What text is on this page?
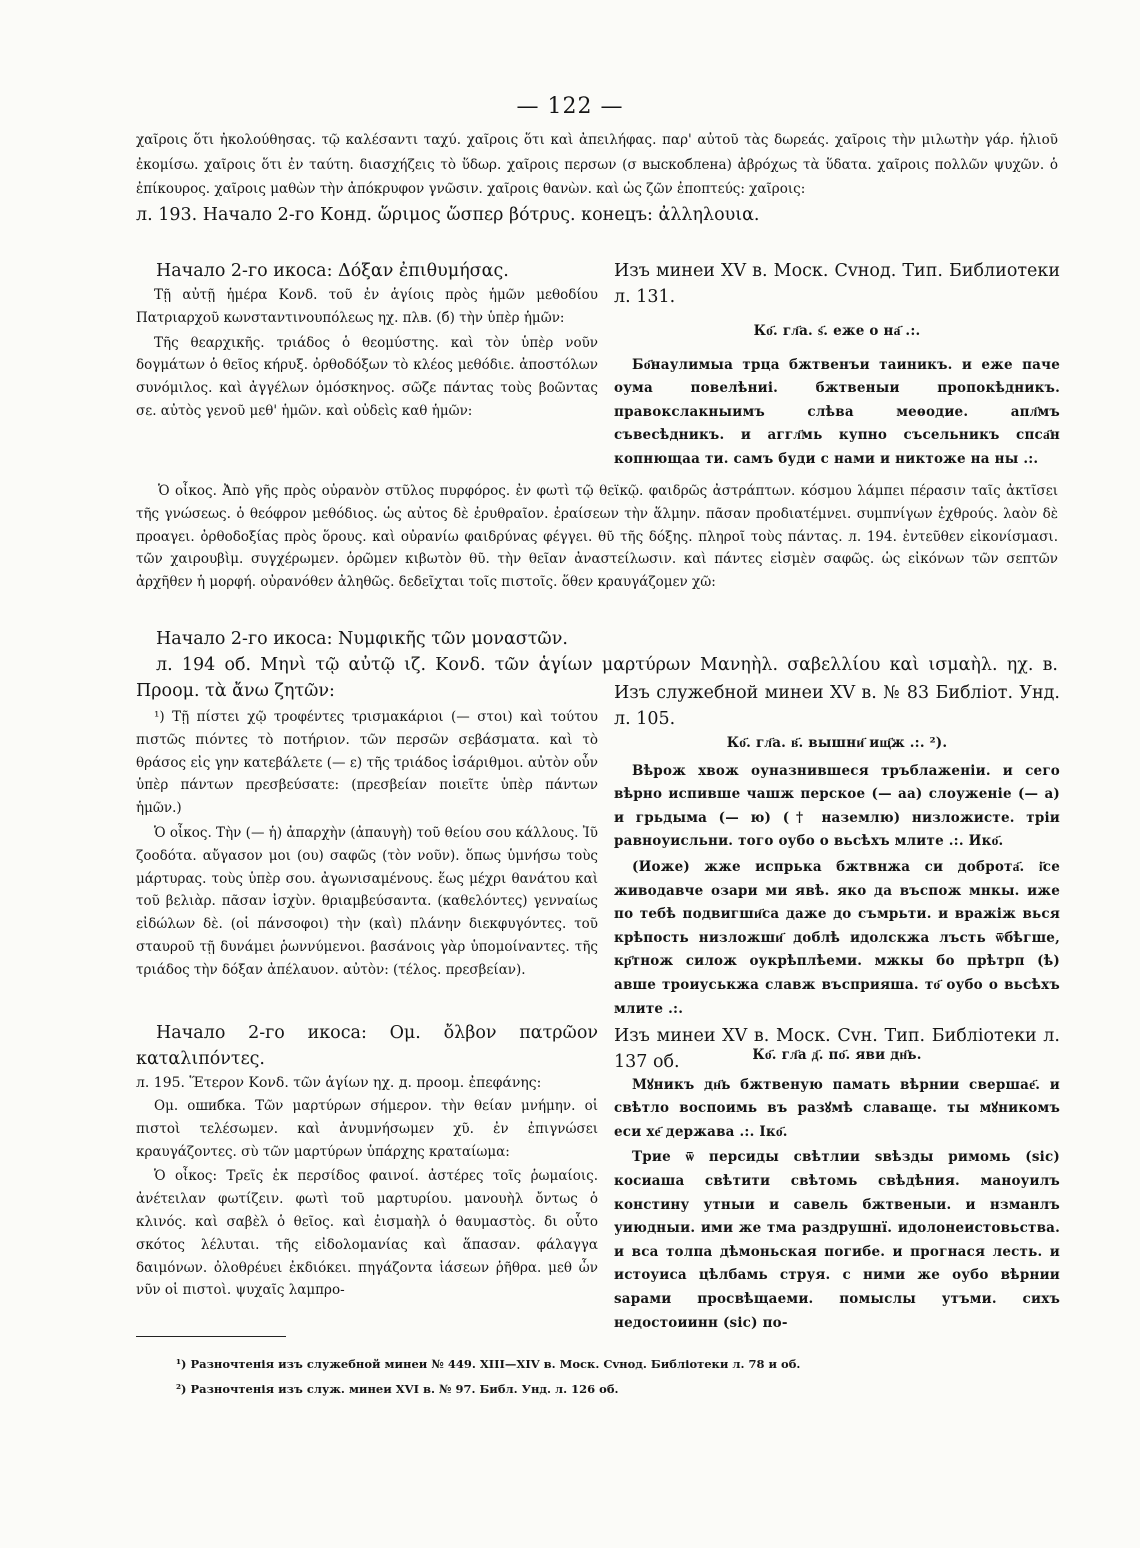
— 122 —

χαῖροις ὅτι ἠκολούθησας. τῷ καλέσαντι ταχύ. χαῖροις ὅτι καὶ ἀπειλήφας. παρ' αὐτοῦ τὰς δωρεάς. χαῖροις τὴν μιλωτὴν γάρ. ἡλιοῦ ἐκομίσω. χαῖροις ὅτι ἐν ταύτη. διασχήζεις τὸ ὕδωρ. χαῖροις περσων (σ выскоблена) ἀβρόχως τὰ ὕδατα. χαῖροις πολλῶν ψυχῶν. ὁ ἐπίκουρος. χαῖροις μαθὼν τὴν ἀπόκρυφον γνῶσιν. χαῖροις θανὼν. καὶ ὡς ζῶν ἐποπτεύς: χαῖροις:

л. 193. Начало 2-го Конд. ὥριμος ὥσπερ βότρυς. конецъ: ἀλληλουια.

Начало 2-го икоса: Δόξαν ἐπιθυμήσας.

Τῇ αὐτῇ ἡμέρα Κονδ. τοῦ ἐν ἁγίοις πρὸς ἡμῶν μεθοδίου Πατριαρχοῦ κωνσταντινουπόλεως ηχ. πλв. (б) τὴν ὑπὲρ ἡμῶν:

Τῆς θεαρχικῆς. τριάδος ὁ θεομύστης. καὶ τὸν ὑπὲρ νοῦν δογμάτων ὁ θεῖος κήρυξ. ὀρθοδόξων τὸ κλέος μεθόδιε. ἀποστόλων συνόμιλος. καὶ ἀγγέλων ὁμόσκηνος. σῶζε πάντας τοὺς βοῶντας σε. αὐτὸς γενοῦ μεθ' ἡμῶν. καὶ οὐδεὶς καθ ἡμῶν:

Изъ минеи XV в. Моск. Сvнод. Тип. Библиотеки л. 131.

Ко҃. гл҃а. ѕ҃. еже о на҃ .:.

Бо҃наулимыа трца бжтвенъи таиникъ. и еже паче оума повелѣниі. бжтвеныи пропокѣдникъ. правокслакныимъ слѣва меѳодие. апл҃мъ съвесѣдникъ. и аггл҃мь купно съсельникъ спса҃н копнющаа ти. самъ буди с нами и никтоже на ны .:.

Ὁ οἶκος. Ἀπὸ γῆς πρὸς οὐρανὸν στῦλος πυρφόρος. ἐν φωτὶ τῷ θεϊκῷ. φαιδρῶς ἀστράπτων. κόσμου λάμπει πέρασιν ταῖς ἀκτῖσει τῆς γνώσεως. ὁ θεόφρον μεθόδιος. ὡς αὐτος δὲ ἐρυθραῖον. ἐραίσεων τὴν ἅλμην. πᾶσαν προδιατέμνει. συμπνίγων ἐχθρούς. λαὸν δὲ προαγει. ὀρθοδοξίας πρὸς ὅρους. καὶ οὐρανίω φαιδρύνας φέγγει. θῦ τῆς δόξης. πληροῖ τοὺς πάντας. л. 194. ἐντεῦθεν εἰκονίσμασι. τῶν χαιρουβὶμ. συγχέρωμεν. ὁρῶμεν κιβωτὸν θῦ. τὴν θεῖαν ἀναστείλωσιν. καὶ πάντες εἰσμὲν σαφῶς. ὡς εἰκόνων τῶν σεπτῶν ἀρχῆθεν ἡ μορφή. οὐρανόθεν ἀληθῶς. δεδεῖχται τοῖς πιστοῖς. ὅθεν κραυγάζομεν χῶ:

Начало 2-го икоса: Νυμφικῆς τῶν μοναστῶν.
л. 194 об. Μηνὶ τῷ αὐτῷ ιζ. Κονδ. τῶν ἁγίων μαρτύρων Μανηὴλ. σαβελλίου καὶ ισμαὴλ. ηχ. в. Προομ. τὰ ἄνω ζητῶν:

¹) Τῇ πίστει χῷ τροφέντες τρισμακάριοι (— στοι) καὶ τούτου πιστῶς πιόντες τὸ ποτήριον. τῶν περσῶν σεβάσματα. καὶ τὸ θράσος εἰς γην κατεβάλετε (— ε) τῆς τριάδος ἰσάριθμοι. αὐτὸν οὖν ὑπὲρ πάντων πρεσβεύσατε: (πρεσβείαν ποιεῖτε ὑπὲρ πάντων ἡμῶν.)

Ὁ οἶκος. Τὴν (— ἡ) ἀπαρχὴν (ἀπαυγὴ) τοῦ θείου σου κάλλους. Ἰῦ ζοοδότα. αὔγασον μοι (ου) σαφῶς (τὸν νοῦν). ὅπως ὑμνήσω τοὺς μάρτυρας. τοὺς ὑπὲρ σου. ἀγωνισαμένους. ἕως μέχρι θανάτου καὶ τοῦ βελιὰρ. πᾶσαν ἰσχὺν. θριαμβεύσαντα. (καθελόντες) γενναίως εἰδώλων δὲ. (οἱ πάνσοφοι) τὴν (καὶ) πλάνην διεκφυγόντες. τοῦ σταυροῦ τῇ δυνάμει ῥωννύμενοι. βασάνοις γὰρ ὑπομοίναντες. τῆς τριάδος τὴν δόξαν ἀπέλαυον. αὐτὸν: (τέλος. πρεσβείαν).

Изъ служебной минеи XV в. № 83 Библіот. Унд. л. 105.

Ко҃. гл҃а. в҃. вышни҃ ищ҃ж .:. ²).

Вѣрож хвож оуназнившеся тръблаженіи. и сего вѣрно испивше чашж перское (— аа) слоуженіе (— а) и грьдыма (— ю) († наземлю) низложисте. тріи равноуисльни. того оубо о вьсѣхъ млите .:. Ико҃.

(Иоже) жже испрька бжтвнжа си доброта҃. і҃се живодавче озари ми явѣ. яко да въспож мнкы. иже по тебѣ подвигши҃са даже до съмрьти. и вражіж вься крѣпость низложши҃ доблѣ идолскжа лъсть ѿбѣгше, кр҃тнож силож оукрѣплѣеми. мжкы бо прѣтрп (ѣ) авше троиуськжа славж въсприяша. то҃ оубо о вьсѣхъ млите .:.

Изъ минеи XV в. Моск. Сvн. Тип. Библіотеки л. 137 об.
Начало 2-го икоса: Ομ. ὄλβον πατρῶον καταλιπόντες.
л. 195. Ἕτερον Κονδ. τῶν ἁγίων ηχ. д. προομ. ἐπεφάνης:

Ομ. ошибка. Τῶν μαρτύρων σήμερον. τὴν θείαν μνήμην. οἱ πιστοὶ τελέσωμεν. καὶ ἀνυμνήσωμεν χῦ. ἐν ἐπιγνώσει κραυγάζοντες. σὺ τῶν μαρτύρων ὑπάρχης κραταίωμα:

Ὁ οἶκος: Τρεῖς ἐκ περσίδος φαινοί. ἀστέρες τοῖς ῥωμαίοις. ἀνέτειλαν φωτίζειν. φωτὶ τοῦ μαρτυρίου. μανουὴλ ὄντως ὁ κλινός. καὶ σαβὲλ ὁ θεῖος. καὶ ἐισμαὴλ ὁ θαυμαστὸς. δι οὗτο σκότος λέλυται. τῆς εἰδολομανίας καὶ ἅπασαν. φάλαγγα δαιμόνων. ὀλοθρέυει ἐκδιόκει. πηγάζοντα ἰάσεων ῥῆθρα. μεθ ὧν νῦν οἱ πιστοὶ. ψυχαῖς λαμπρο-

Ко҃. гл҃а д҃. по҃. яви дн҃ь.

Мꙋникъ дн҃ь бжтвеную памать вѣрнии свершае҃. и свѣтло воспоимь въ разꙋмѣ славаще. ты мꙋникомъ еси хе҃ держава .:. Іко҃.

Трие ѿ персиды свѣтлии ѕвѣзды римомь (sic) косиаша свѣтити свѣтомь свѣдѣния. маноуилъ констину утныи и савель бжтвеныи. и нзманлъ уиюдныи. ими же тма раздрушнї. идолонеистовьства. и вса толпа дѣмоньская погибе. и прогнася лесть. и истоуиса цѣлбамь струя. с ними же оубо вѣрнии ѕарами просвѣщаеми. помыслы утъми. сихъ недостоиинн (sic) по-

¹) Разночтенія изъ служебной минеи № 449. XIII—XIV в. Моск. Сvнод. Библіотеки л. 78 и об.
²) Разночтенія изъ служ. минеи XVI в. № 97. Библ. Унд. л. 126 об.
